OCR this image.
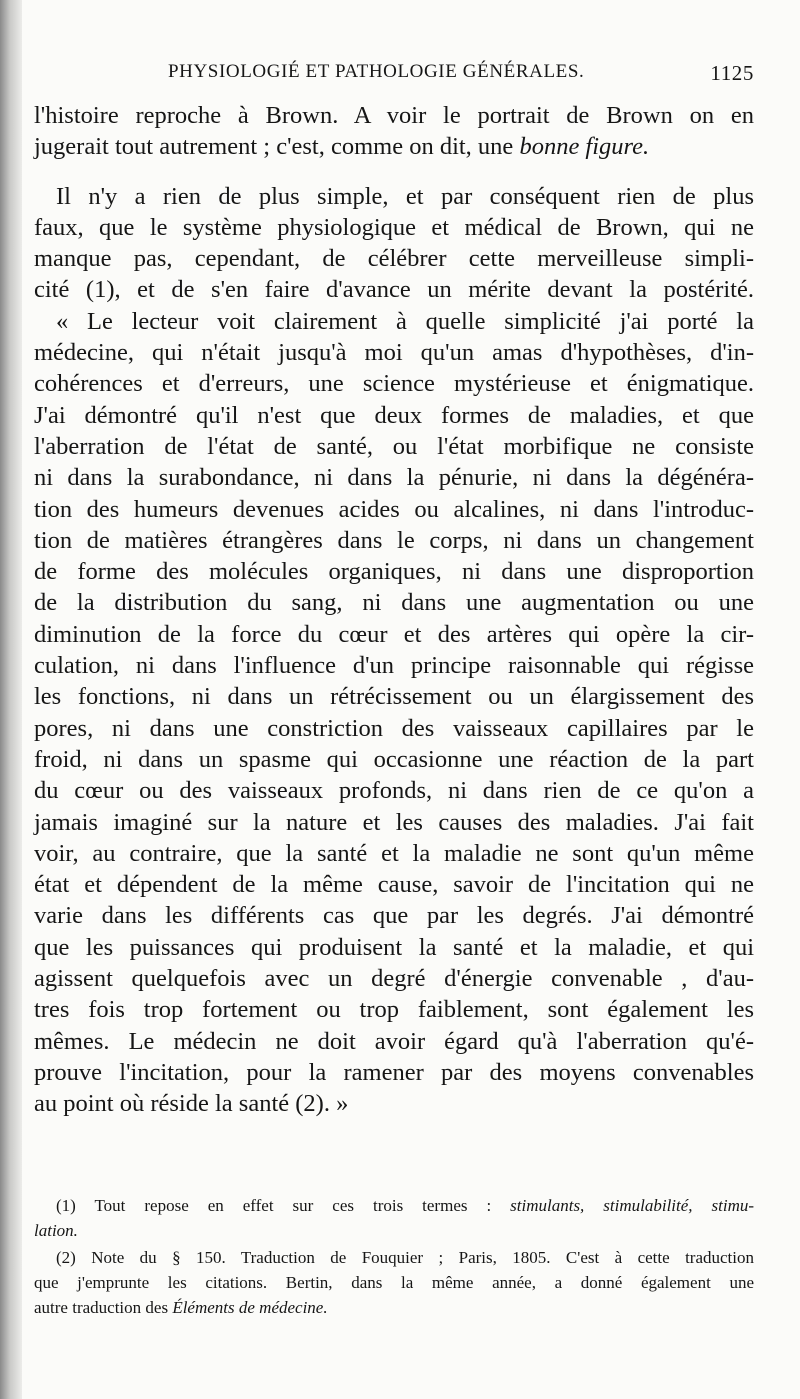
PHYSIOLOGIÉ ET PATHOLOGIE GÉNÉRALES.	1125
l'histoire reproche à Brown. A voir le portrait de Brown on en
jugerait tout autrement ; c'est, comme on dit, une bonne figure.
Il n'y a rien de plus simple, et par conséquent rien de plus
faux, que le système physiologique et médical de Brown, qui ne
manque pas, cependant, de célébrer cette merveilleuse simpli-
cité (1), et de s'en faire d'avance un mérite devant la postérité.
« Le lecteur voit clairement à quelle simplicité j'ai porté la
médecine, qui n'était jusqu'à moi qu'un amas d'hypothèses, d'in-
cohérences et d'erreurs, une science mystérieuse et énigmatique.
J'ai démontré qu'il n'est que deux formes de maladies, et que
l'aberration de l'état de santé, ou l'état morbifique ne consiste
ni dans la surabondance, ni dans la pénurie, ni dans la dégénéra-
tion des humeurs devenues acides ou alcalines, ni dans l'introduc-
tion de matières étrangères dans le corps, ni dans un changement
de forme des molécules organiques, ni dans une disproportion
de la distribution du sang, ni dans une augmentation ou une
diminution de la force du cœur et des artères qui opère la cir-
culation, ni dans l'influence d'un principe raisonnable qui régisse
les fonctions, ni dans un rétrécissement ou un élargissement des
pores, ni dans une constriction des vaisseaux capillaires par le
froid, ni dans un spasme qui occasionne une réaction de la part
du cœur ou des vaisseaux profonds, ni dans rien de ce qu'on a
jamais imaginé sur la nature et les causes des maladies. J'ai fait
voir, au contraire, que la santé et la maladie ne sont qu'un même
état et dépendent de la même cause, savoir de l'incitation qui ne
varie dans les différents cas que par les degrés. J'ai démontré
que les puissances qui produisent la santé et la maladie, et qui
agissent quelquefois avec un degré d'énergie convenable , d'au-
tres fois trop fortement ou trop faiblement, sont également les
mêmes. Le médecin ne doit avoir égard qu'à l'aberration qu'é-
prouve l'incitation, pour la ramener par des moyens convenables
au point où réside la santé (2). »
(1) Tout repose en effet sur ces trois termes : stimulants, stimulabilité, stimu-
lation.
(2) Note du § 150. Traduction de Fouquier ; Paris, 1805. C'est à cette traduction
que j'emprunte les citations. Bertin, dans la même année, a donné également une
autre traduction des Éléments de médecine.
